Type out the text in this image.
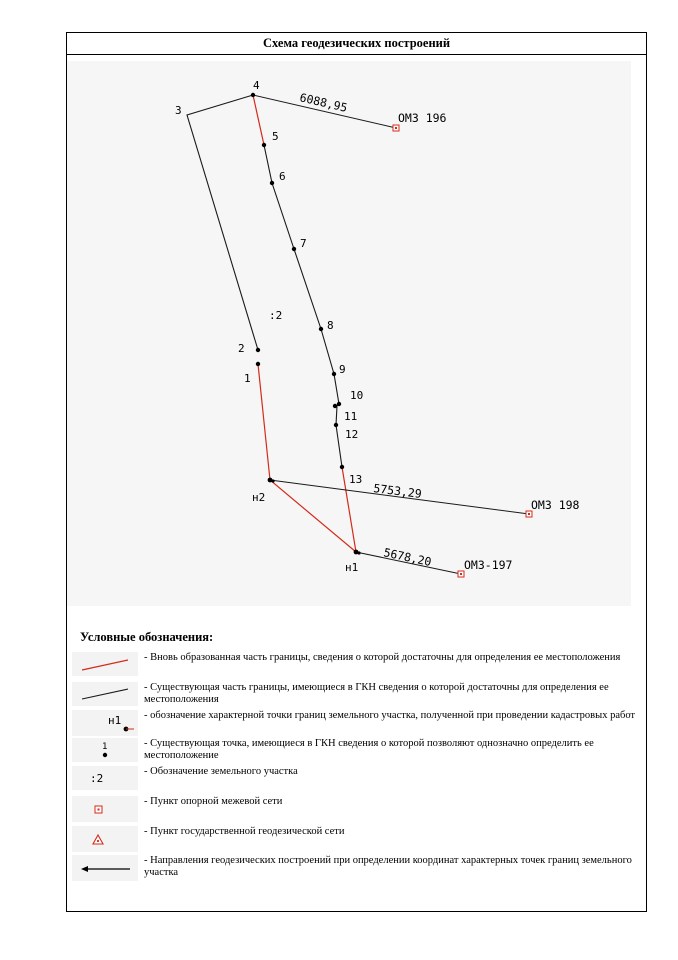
Схема геодезических построений
3
4
5
6
7
8
9
10
11
12
13
2
1
н2
н1
:2
6088,95
5753,29
5678,20
ОМЗ 196
ОМЗ 198
ОМЗ-197
Условные обозначения:
- Вновь образованная часть границы, сведения о которой достаточны для определения ее местоположения
- Существующая часть границы, имеющиеся в ГКН сведения о которой достаточны для определения ее местоположения
н1 - обозначение характерной точки границ земельного участка, полученной при проведении кадастровых работ
1	- Существующая точка, имеющиеся в ГКН сведения о которой позволяют однозначно определить ее местоположение
:2
- Обозначение земельного участка
- Пункт опорной межевой сети
- Пункт государственной геодезической сети
- Направления геодезических построений при определении координат характерных точек границ земельного участка
